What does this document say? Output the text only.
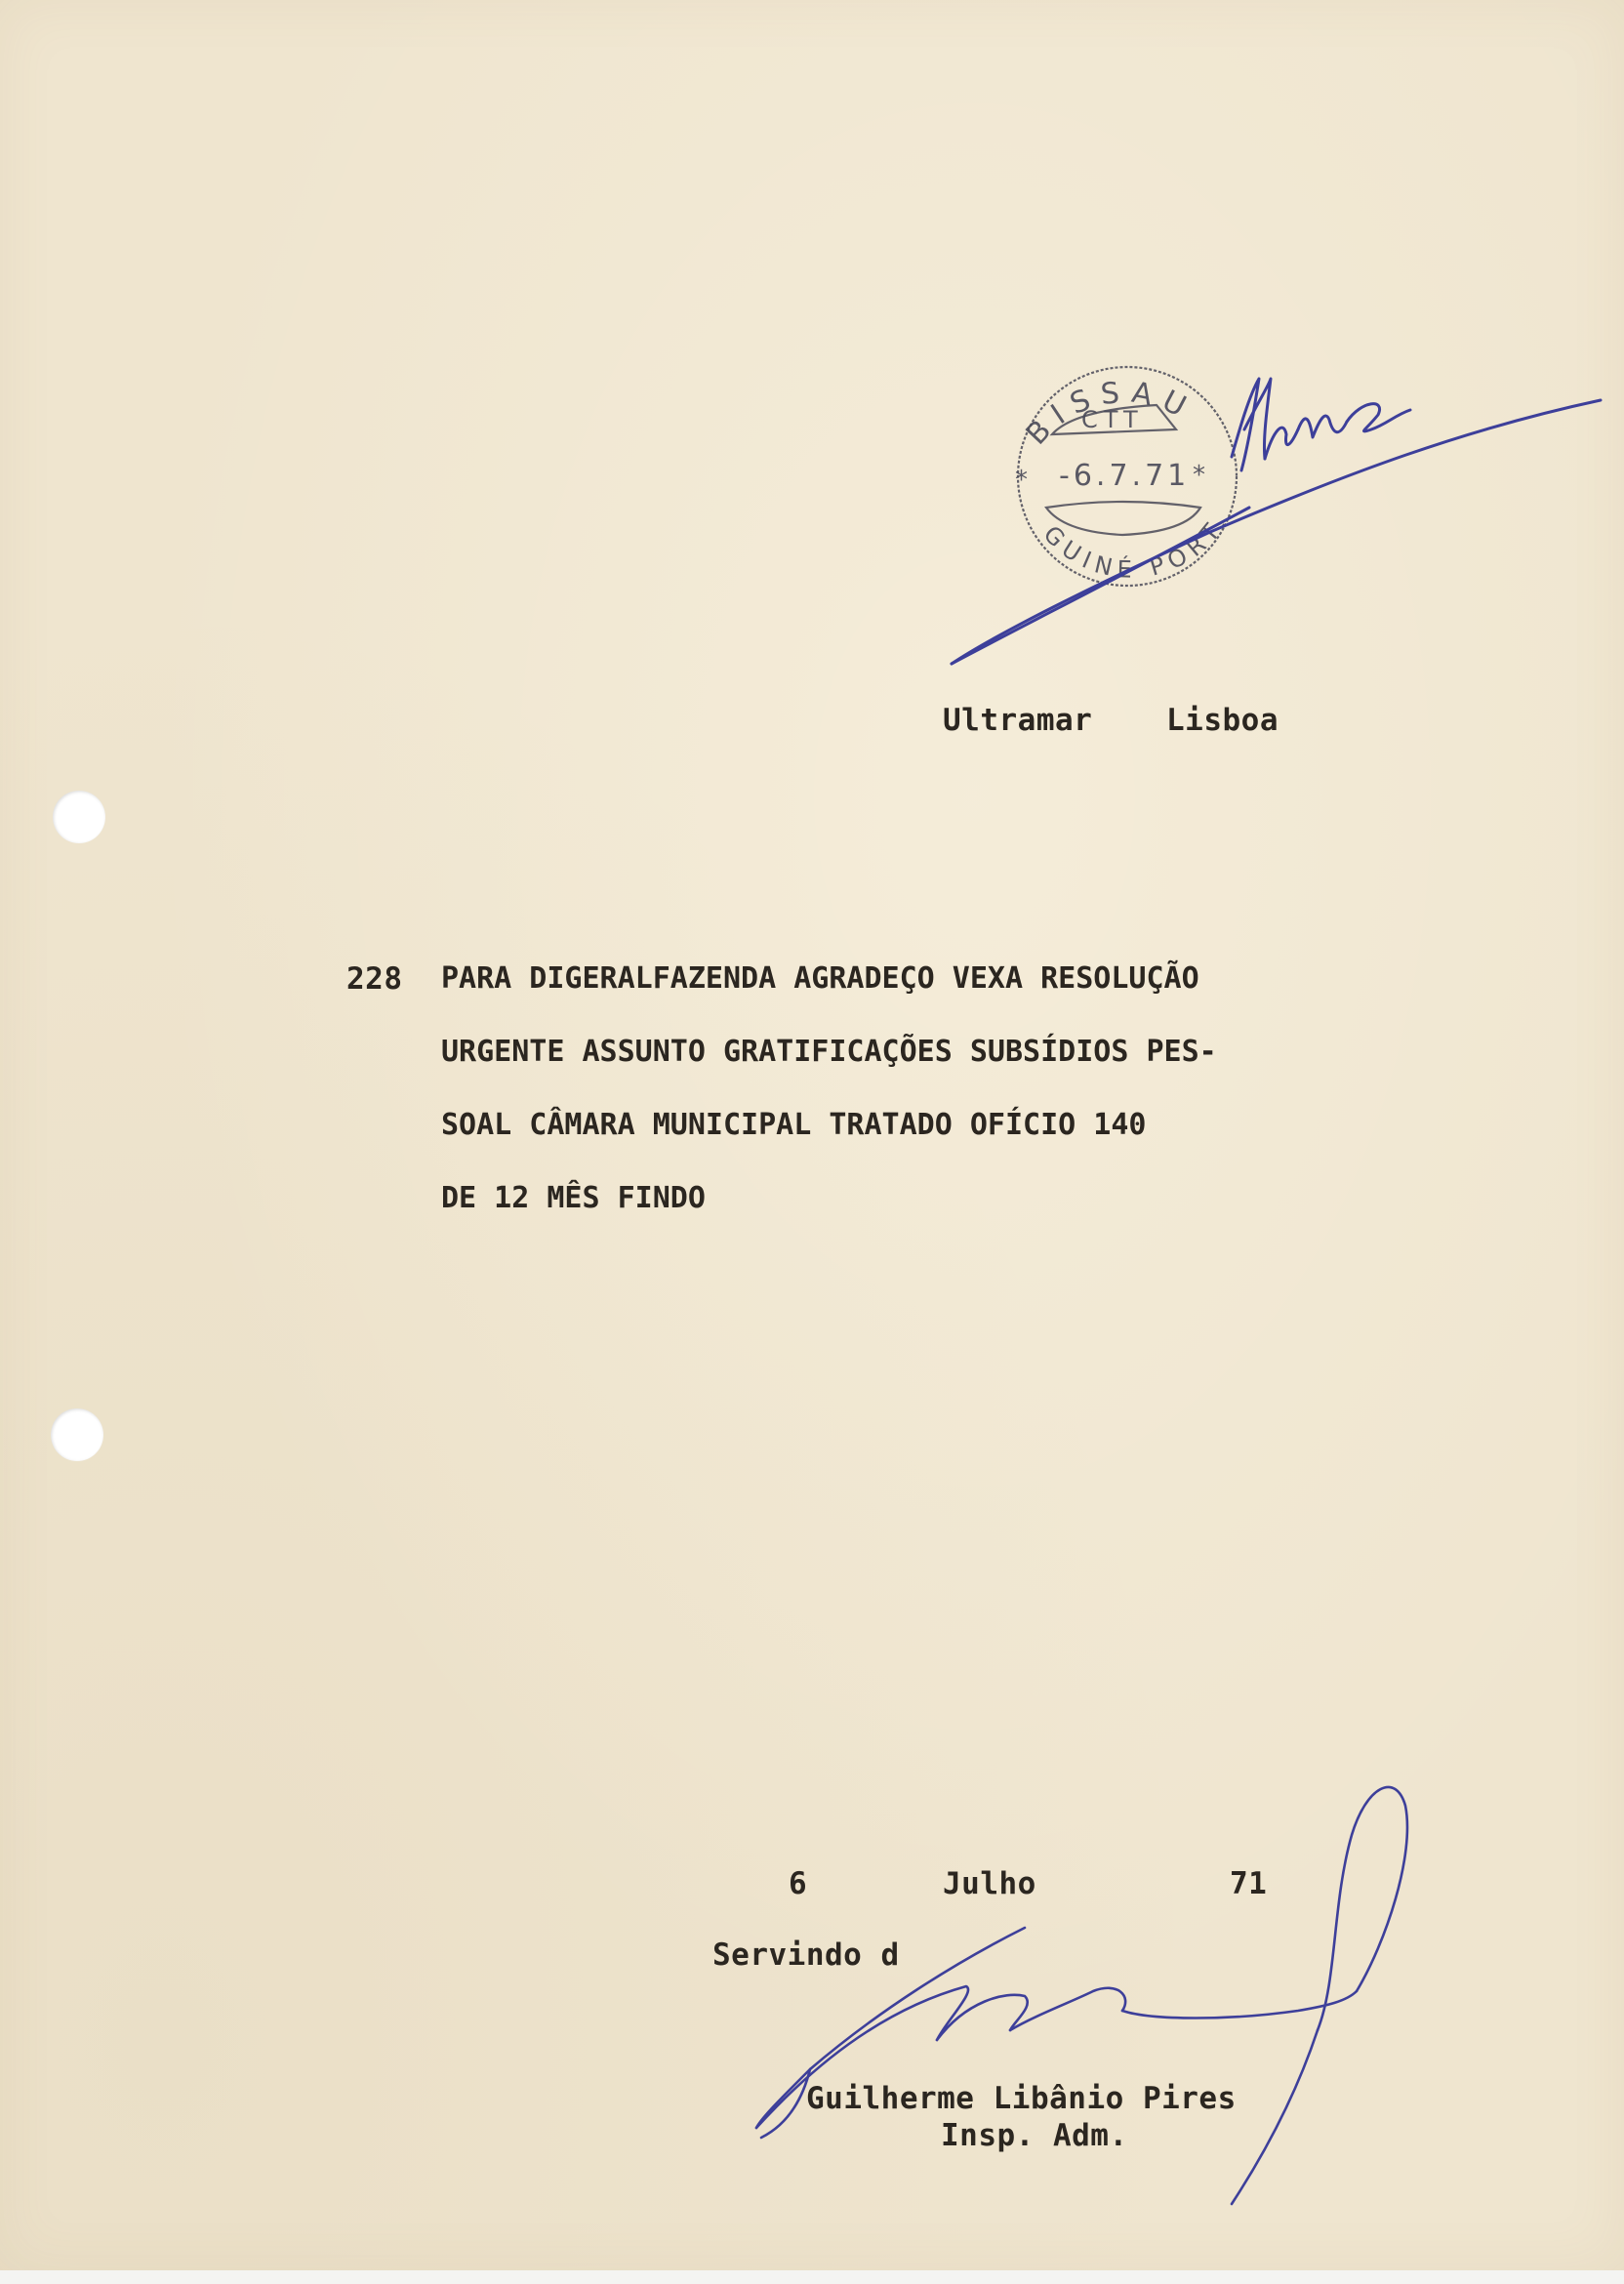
BISSAU
CTT
*	*
-6.7.71
GUINÉ PORT.
Ultramar Lisboa
228 PARA DIGERALFAZENDA AGRADEÇO VEXA RESOLUÇÃO
URGENTE ASSUNTO GRATIFICAÇÕES SUBSÍDIOS PES-
SOAL CÂMARA MUNICIPAL TRATADO OFÍCIO 140
DE 12 MÊS FINDO
6	Julho	71
Servindo d
Guilherme Libânio Pires
Insp. Adm.
